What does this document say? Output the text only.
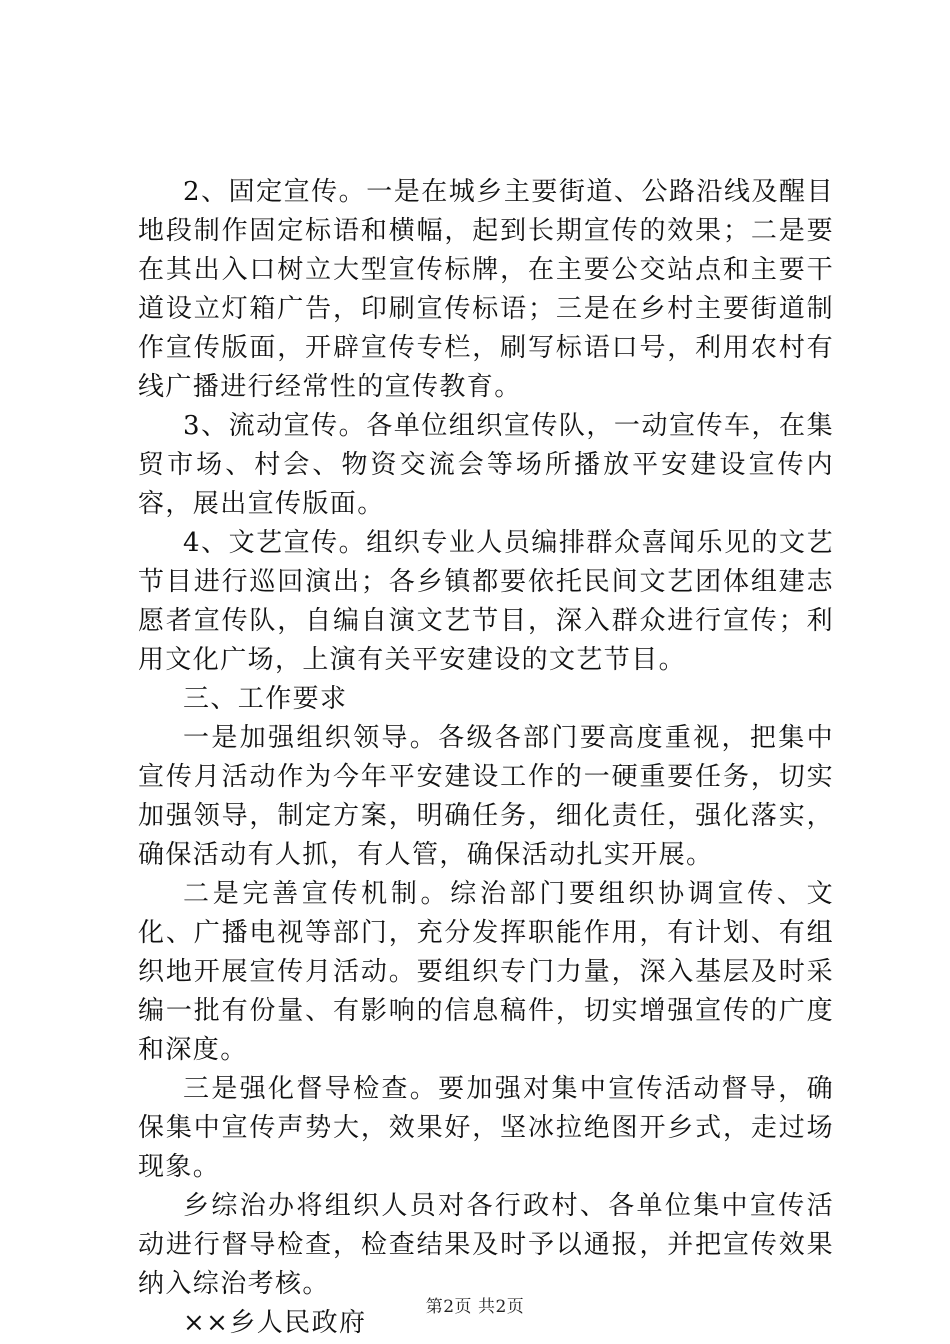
2、固定宣传。一是在城乡主要街道、公路沿线及醒目地段制作固定标语和横幅，起到长期宣传的效果；二是要在其出入口树立大型宣传标牌，在主要公交站点和主要干道设立灯箱广告，印刷宣传标语；三是在乡村主要街道制作宣传版面，开辟宣传专栏，刷写标语口号，利用农村有线广播进行经常性的宣传教育。

3、流动宣传。各单位组织宣传队，一动宣传车，在集贸市场、村会、物资交流会等场所播放平安建设宣传内容，展出宣传版面。

4、文艺宣传。组织专业人员编排群众喜闻乐见的文艺节目进行巡回演出；各乡镇都要依托民间文艺团体组建志愿者宣传队，自编自演文艺节目，深入群众进行宣传；利用文化广场，上演有关平安建设的文艺节目。

三、工作要求

一是加强组织领导。各级各部门要高度重视，把集中宣传月活动作为今年平安建设工作的一硬重要任务，切实加强领导，制定方案，明确任务，细化责任，强化落实，确保活动有人抓，有人管，确保活动扎实开展。

二是完善宣传机制。综治部门要组织协调宣传、文化、广播电视等部门，充分发挥职能作用，有计划、有组织地开展宣传月活动。要组织专门力量，深入基层及时采编一批有份量、有影响的信息稿件，切实增强宣传的广度和深度。

三是强化督导检查。要加强对集中宣传活动督导，确保集中宣传声势大，效果好，坚冰拉绝图开乡式，走过场现象。

乡综治办将组织人员对各行政村、各单位集中宣传活动进行督导检查，检查结果及时予以通报，并把宣传效果纳入综治考核。

××乡人民政府

第2页 共2页
